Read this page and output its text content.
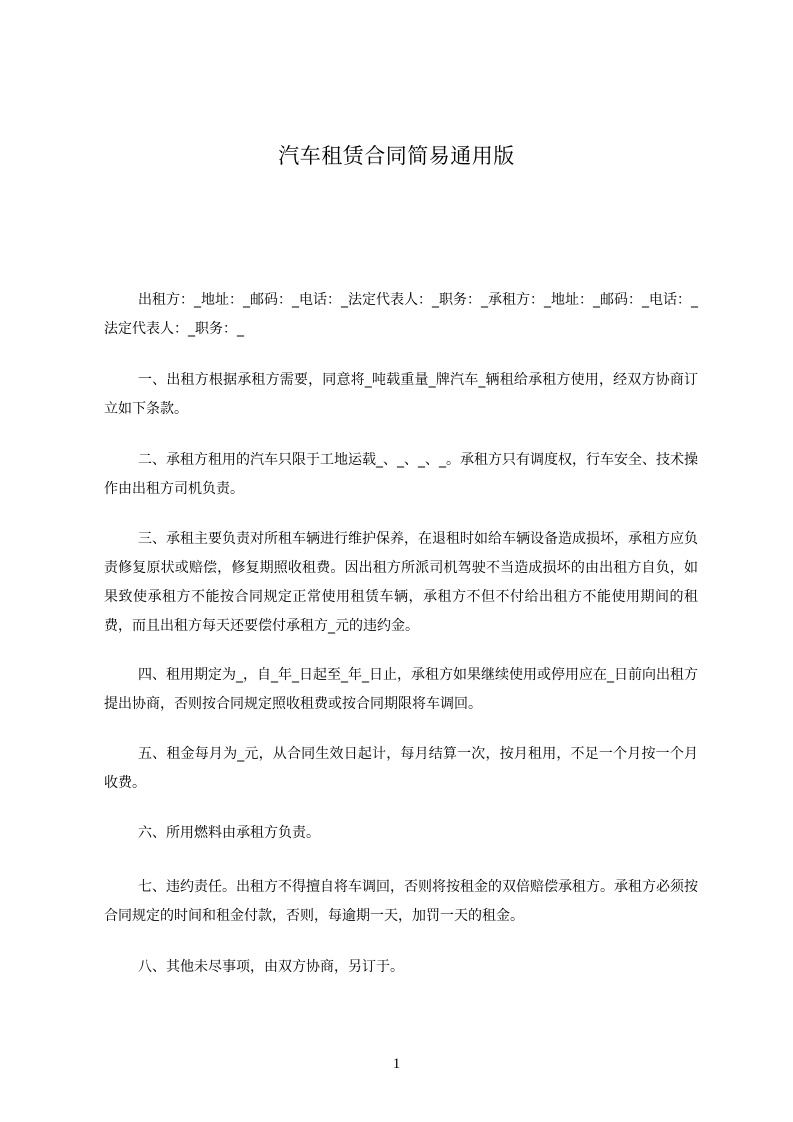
汽车租赁合同简易通用版

出租方：_地址：_邮码：_电话：_法定代表人：_职务：_承租方：_地址：_邮码：_电话：_法定代表人：_职务：_

一、出租方根据承租方需要，同意将_吨载重量_牌汽车_辆租给承租方使用，经双方协商订立如下条款。

二、承租方租用的汽车只限于工地运载_、_、_、_。承租方只有调度权，行车安全、技术操作由出租方司机负责。

三、承租主要负责对所租车辆进行维护保养，在退租时如给车辆设备造成损坏，承租方应负责修复原状或赔偿，修复期照收租费。因出租方所派司机驾驶不当造成损坏的由出租方自负，如果致使承租方不能按合同规定正常使用租赁车辆，承租方不但不付给出租方不能使用期间的租费，而且出租方每天还要偿付承租方_元的违约金。

四、租用期定为_，自_年_日起至_年_日止，承租方如果继续使用或停用应在_日前向出租方提出协商，否则按合同规定照收租费或按合同期限将车调回。

五、租金每月为_元，从合同生效日起计，每月结算一次，按月租用，不足一个月按一个月收费。

六、所用燃料由承租方负责。

七、违约责任。出租方不得擅自将车调回，否则将按租金的双倍赔偿承租方。承租方必须按合同规定的时间和租金付款，否则，每逾期一天，加罚一天的租金。

八、其他未尽事项，由双方协商，另订于。

1
